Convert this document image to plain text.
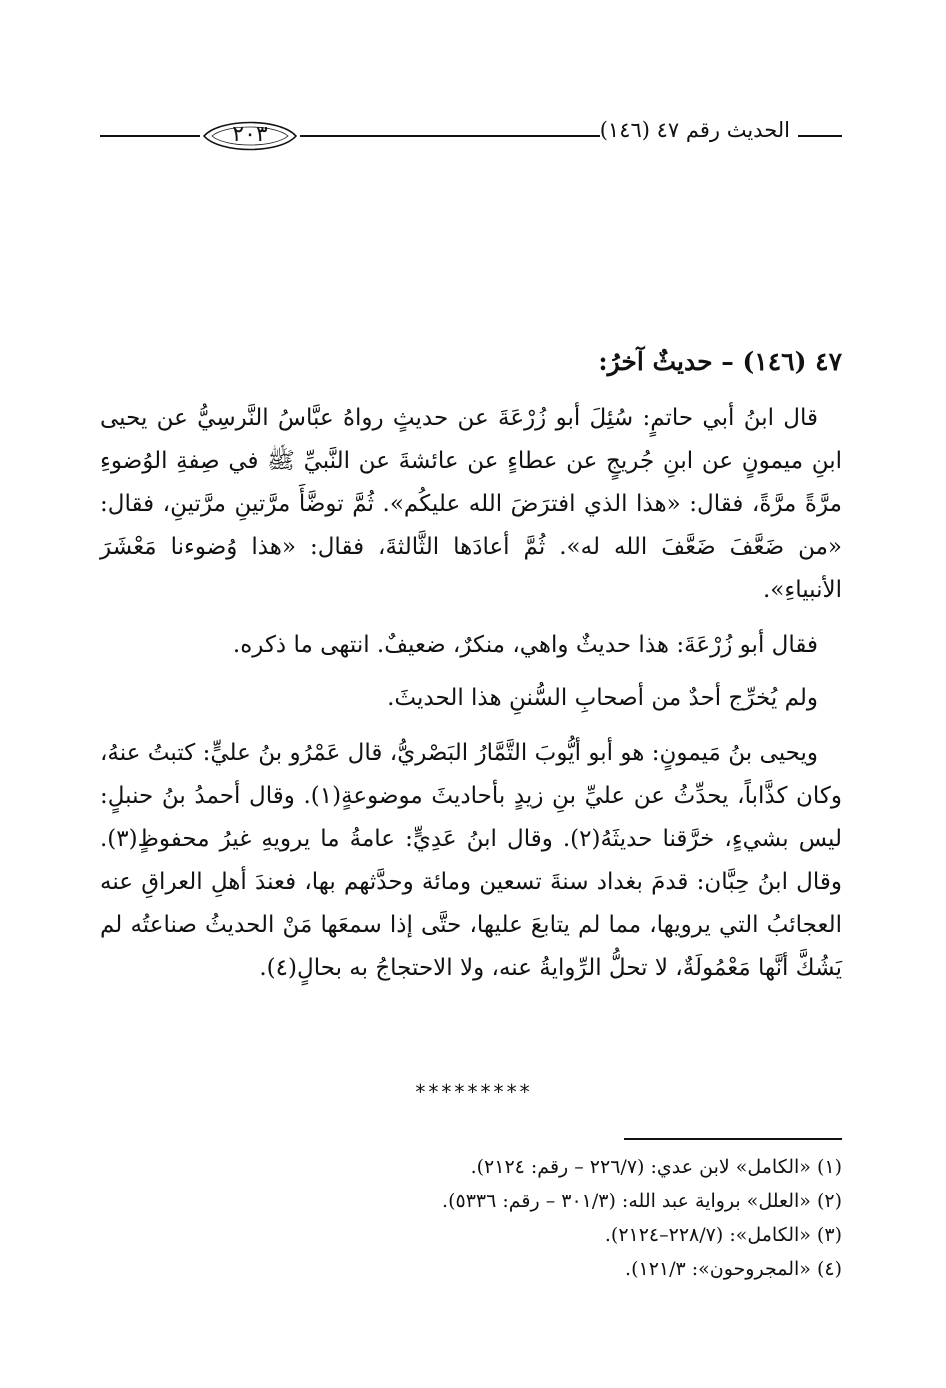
الحديث رقم ٤٧ (١٤٦)
٢٠٣
٤٧ (١٤٦) – حديثٌ آخرُ:

قال ابنُ أبي حاتمٍ: سُئِلَ أبو زُرْعَةَ عن حديثٍ رواهُ عبَّاسُ النَّرسِيُّ عن يحيى ابنِ ميمونٍ عن ابنِ جُريجٍ عن عطاءٍ عن عائشةَ عن النَّبيِّ ﷺ في صِفةِ الوُضوءِ مرَّةً مرَّةً، فقال: «هذا الذي افترَضَ الله عليكُم». ثُمَّ توضَّأَ مرَّتينِ مرَّتينِ، فقال: «من ضَعَّفَ ضَعَّفَ الله له». ثُمَّ أعادَها الثَّالثةَ، فقال: «هذا وُضوءنا مَعْشَرَ الأنبياءِ».

فقال أبو زُرْعَةَ: هذا حديثٌ واهي، منكرٌ، ضعيفٌ. انتهى ما ذكره.

ولم يُخرِّج أحدٌ من أصحابِ السُّننِ هذا الحديثَ.

ويحيى بنُ مَيمونٍ: هو أبو أيُّوبَ التَّمَّارُ البَصْريُّ، قال عَمْرُو بنُ عليٍّ: كتبتُ عنهُ، وكان كذَّاباً، يحدِّثُ عن عليِّ بنِ زيدٍ بأحاديثَ موضوعةٍ(١). وقال أحمدُ بنُ حنبلٍ: ليس بشيءٍ، خرَّقنا حديثَهُ(٢). وقال ابنُ عَدِيٍّ: عامةُ ما يرويهِ غيرُ محفوظٍ(٣). وقال ابنُ حِبَّان: قدمَ بغداد سنةَ تسعين ومائة وحدَّثهم بها، فعندَ أهلِ العراقِ عنه العجائبُ التي يرويها، مما لم يتابعَ عليها، حتَّى إذا سمعَها مَنْ الحديثُ صناعتُه لم يَشُكَّ أنَّها مَعْمُولَةٌ، لا تحلُّ الرِّوايةُ عنه، ولا الاحتجاجُ به بحالٍ(٤).

*********
(١) «الكامل» لابن عدي: (٢٢٦/٧ – رقم: ٢١٢٤).
(٢) «العلل» برواية عبد الله: (٣٠١/٣ – رقم: ٥٣٣٦).
(٣) «الكامل»: (٢٢٨/٧–٢١٢٤).
(٤) «المجروحون»: ١٢١/٣).
